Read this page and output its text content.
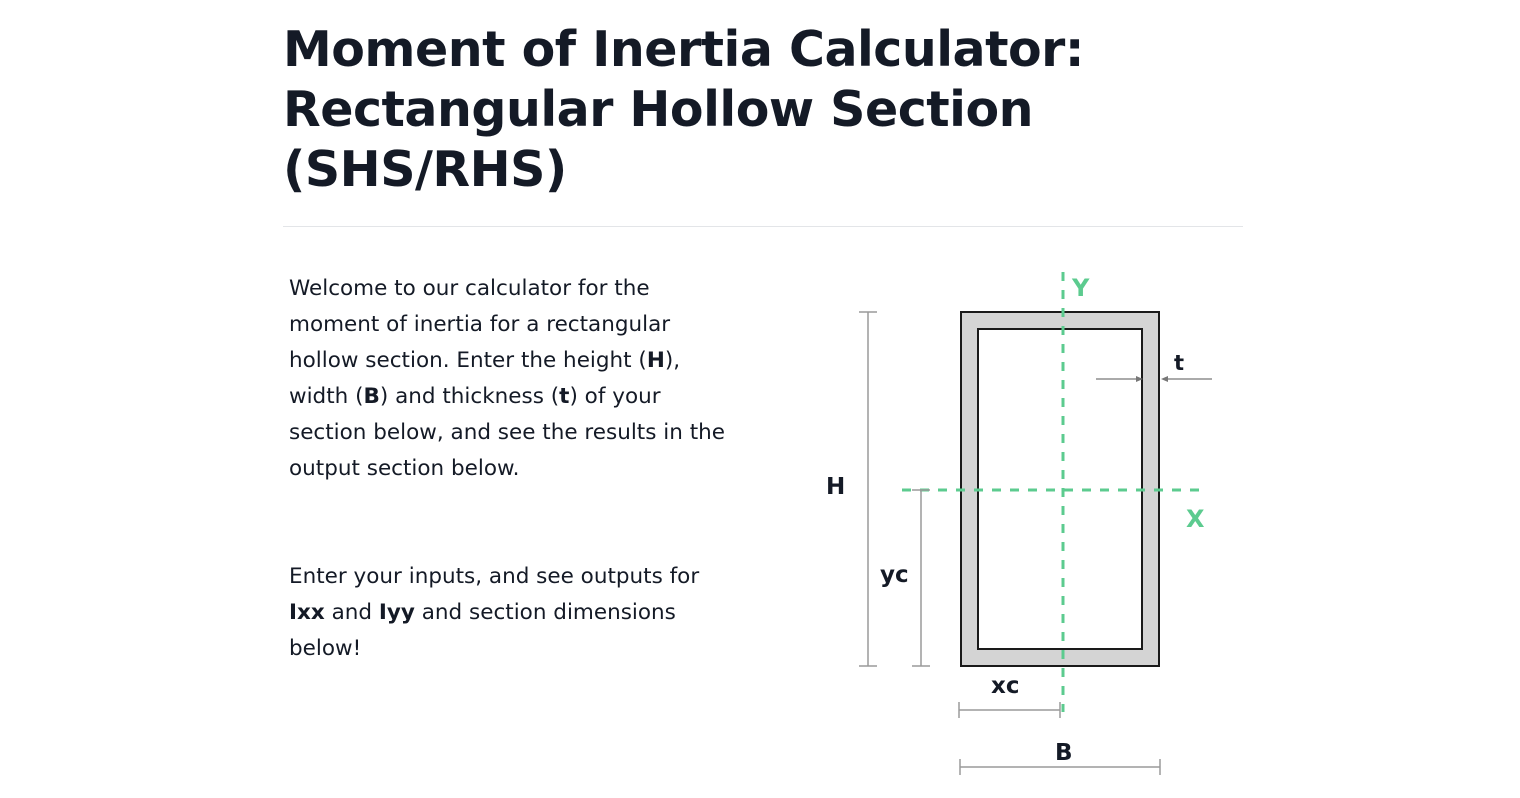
Moment of Inertia Calculator:
Rectangular Hollow Section
(SHS/RHS)

Welcome to our calculator for the moment of inertia for a rectangular hollow section. Enter the height (H), width (B) and thickness (t) of your section below, and see the results in the output section below.

Enter your inputs, and see outputs for Ixx and Iyy and section dimensions below!

Y
X
t
H
yc
xc
B
